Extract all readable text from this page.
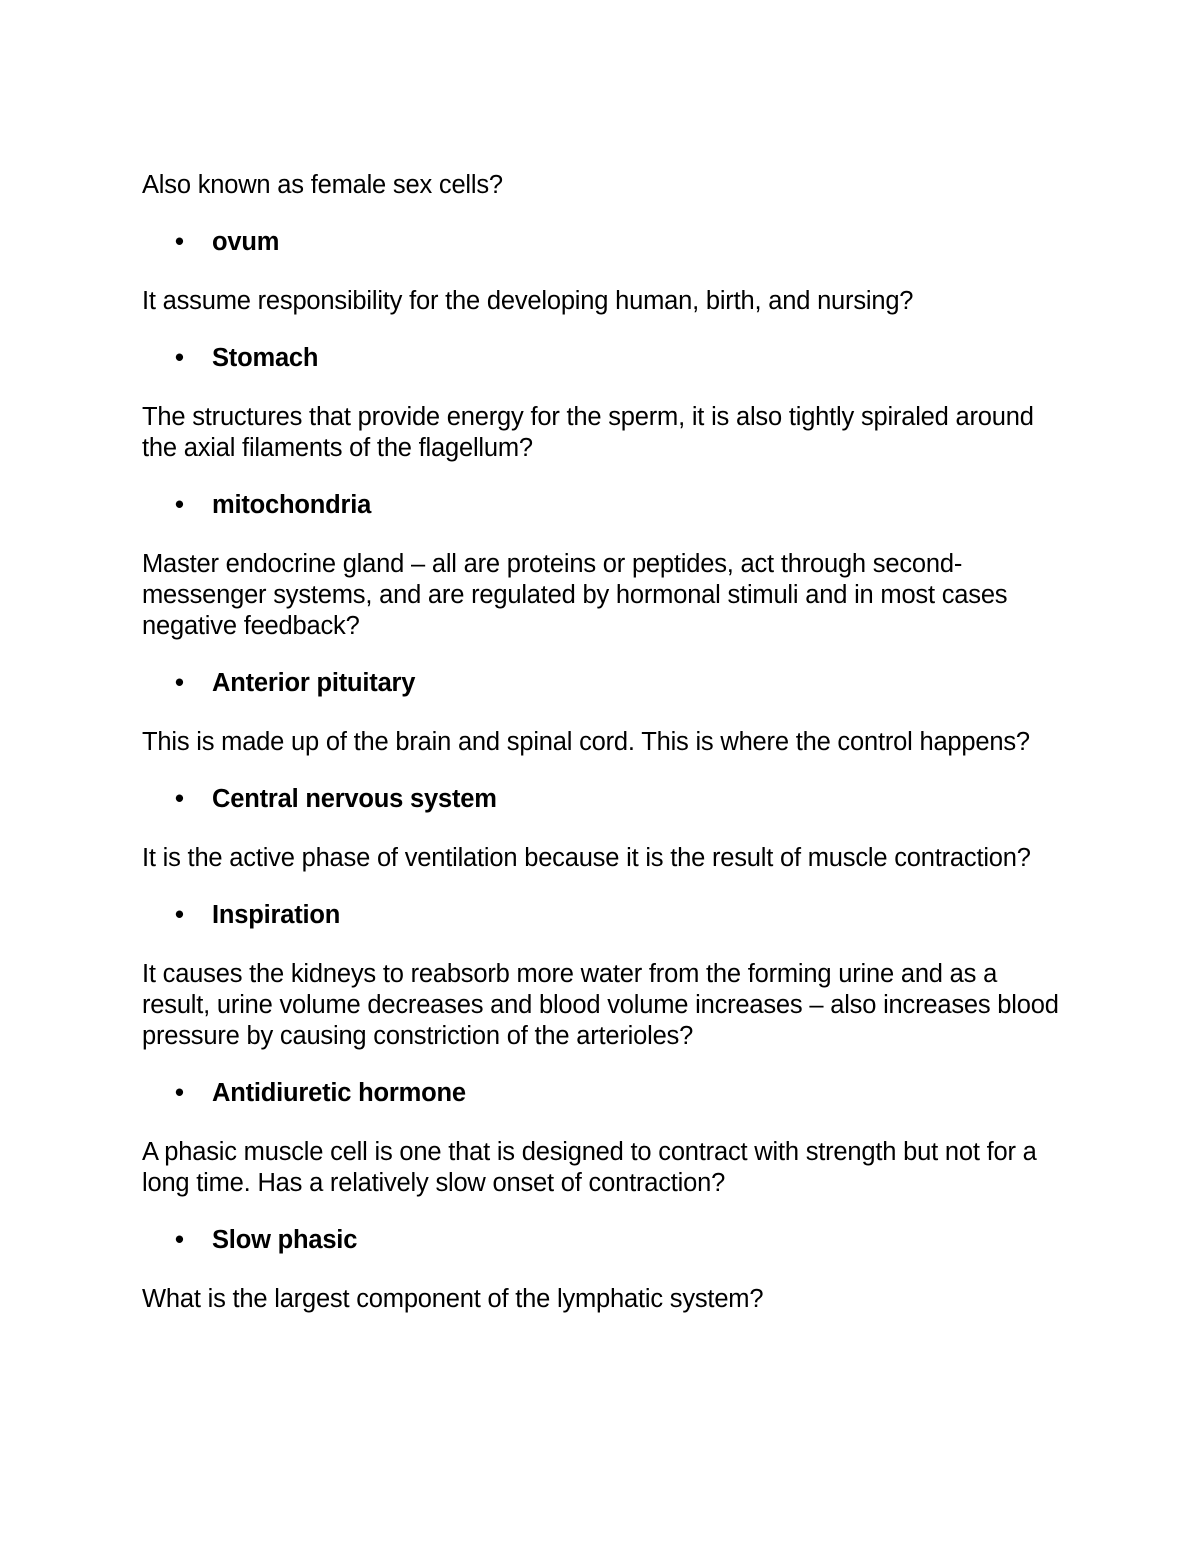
Also known as female sex cells?

• ovum

It assume responsibility for the developing human, birth, and nursing?

• Stomach

The structures that provide energy for the sperm, it is also tightly spiraled around the axial filaments of the flagellum?

• mitochondria

Master endocrine gland – all are proteins or peptides, act through second-messenger systems, and are regulated by hormonal stimuli and in most cases negative feedback?

• Anterior pituitary

This is made up of the brain and spinal cord. This is where the control happens?

• Central nervous system

It is the active phase of ventilation because it is the result of muscle contraction?

• Inspiration

It causes the kidneys to reabsorb more water from the forming urine and as a result, urine volume decreases and blood volume increases – also increases blood pressure by causing constriction of the arterioles?

• Antidiuretic hormone

A phasic muscle cell is one that is designed to contract with strength but not for a long time. Has a relatively slow onset of contraction?

• Slow phasic

What is the largest component of the lymphatic system?
